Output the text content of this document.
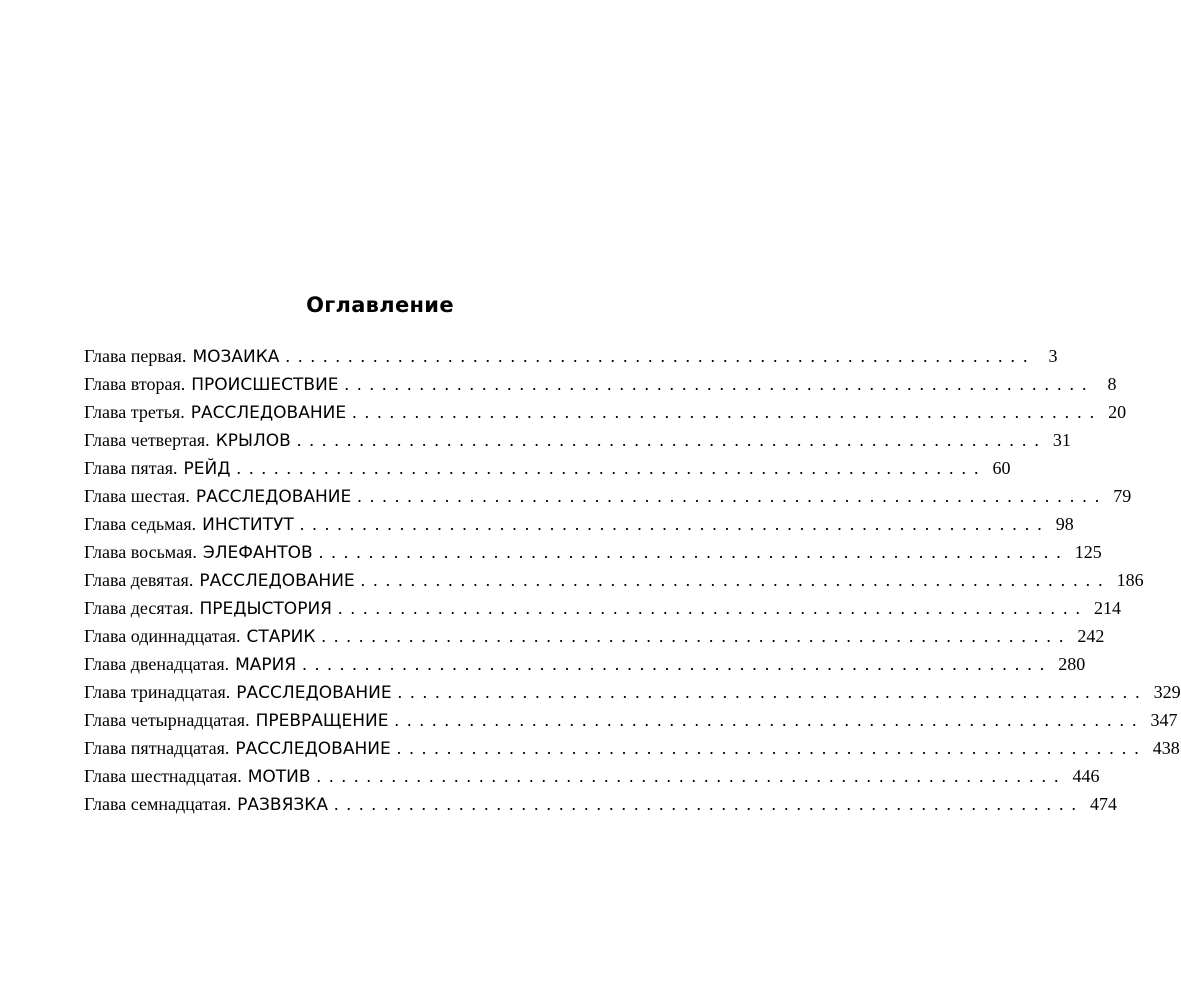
Оглавление
Глава первая. МОЗАИКА ............................................................ 3
Глава вторая. ПРОИСШЕСТВИЕ ............................................................ 8
Глава третья. РАССЛЕДОВАНИЕ ............................................................ 20
Глава четвертая. КРЫЛОВ ............................................................ 31
Глава пятая. РЕЙД ............................................................ 60
Глава шестая. РАССЛЕДОВАНИЕ ............................................................ 79
Глава седьмая. ИНСТИТУТ ............................................................ 98
Глава восьмая. ЭЛЕФАНТОВ ............................................................ 125
Глава девятая. РАССЛЕДОВАНИЕ ............................................................ 186
Глава десятая. ПРЕДЫСТОРИЯ ............................................................ 214
Глава одиннадцатая. СТАРИК ............................................................ 242
Глава двенадцатая. МАРИЯ ............................................................ 280
Глава тринадцатая. РАССЛЕДОВАНИЕ ............................................................ 329
Глава четырнадцатая. ПРЕВРАЩЕНИЕ ............................................................ 347
Глава пятнадцатая. РАССЛЕДОВАНИЕ ............................................................ 438
Глава шестнадцатая. МОТИВ ............................................................ 446
Глава семнадцатая. РАЗВЯЗКА ............................................................ 474
